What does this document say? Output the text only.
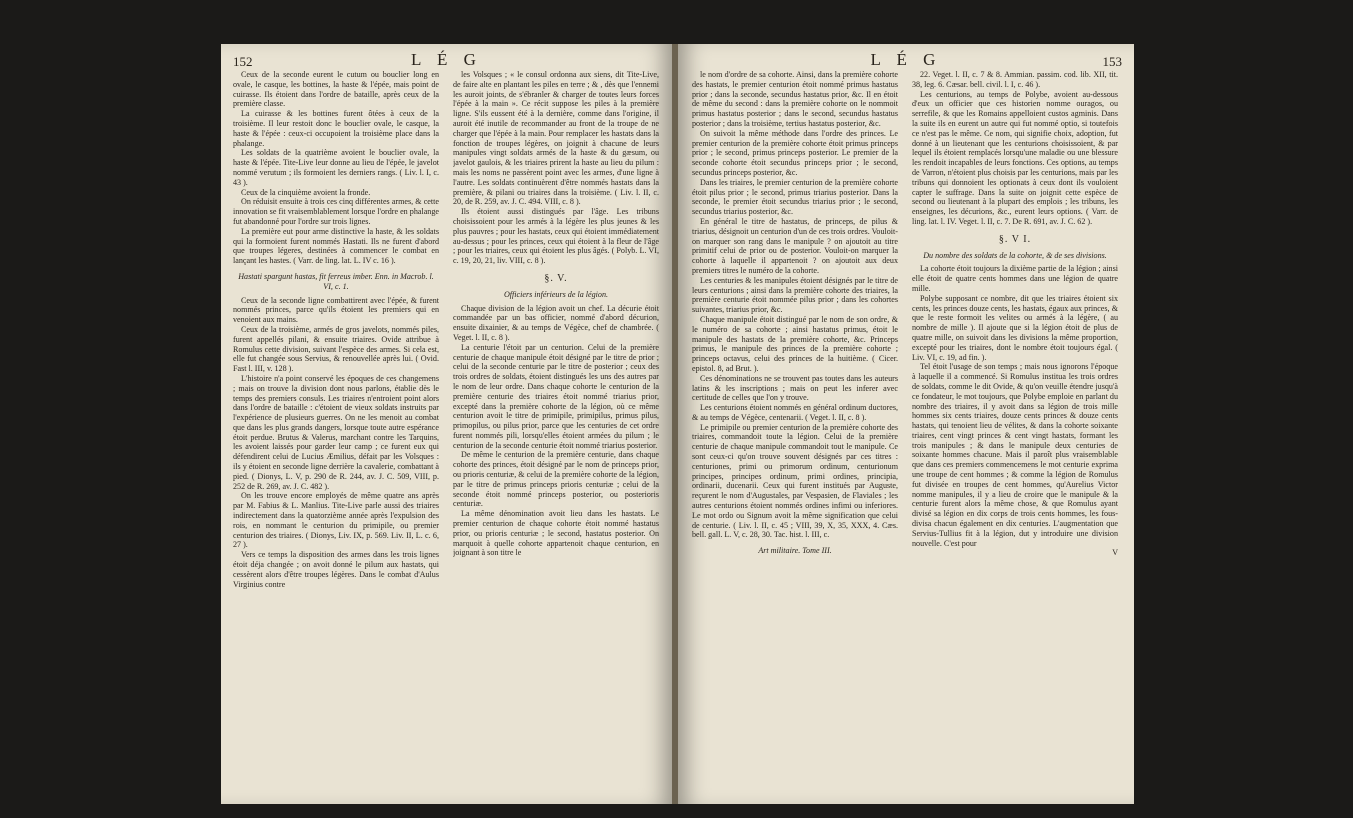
152	L É G

Ceux de la seconde eurent le cutum ou bouclier long en ovale, le casque, les bottines, la haste & l'épée, mais point de cuirasse. Ils étoient dans l'ordre de bataille, après ceux de la première classe.

La cuirasse & les bottines furent ôtées à ceux de la troisième. Il leur restoit donc le bouclier ovale, le casque, la haste & l'épée : ceux-ci occupoient la troisième place dans la phalange.

Les soldats de la quatrième avoient le bouclier ovale, la haste & l'épée. Tite-Live leur donne au lieu de l'épée, le javelot nommé verutum ; ils formoient les derniers rangs. ( Liv. l. I, c. 43 ).

Ceux de la cinquième avoient la fronde.

On réduisit ensuite à trois ces cinq différentes armes, & cette innovation se fit vraisemblablement lorsque l'ordre en phalange fut abandonné pour l'ordre sur trois lignes.

La première eut pour arme distinctive la haste, & les soldats qui la formoient furent nommés Hastati. Ils ne furent d'abord que troupes légeres, destinées à commencer le combat en lançant les hastes. ( Varr. de ling. lat. L. IV c. 16 ).

Hastati spargunt hastas, fit ferreus imber. Enn. in Macrob. l. VI, c. 1.

Ceux de la seconde ligne combattirent avec l'épée, & furent nommés princes, parce qu'ils étoient les premiers qui en venoient aux mains.

Ceux de la troisième, armés de gros javelots, nommés piles, furent appellés pilani, & ensuite triaires. Ovide attribue à Romulus cette division, suivant l'espèce des armes. Si cela est, elle fut changée sous Servius, & renouvellée après lui. ( Ovid. Fast l. III, v. 128 ).

L'histoire n'a point conservé les époques de ces changemens ; mais on trouve la division dont nous parlons, établie dès le temps des premiers consuls. Les triaires n'entroient point alors dans l'ordre de bataille : c'étoient de vieux soldats instruits par l'expérience de plusieurs guerres. On ne les menoit au combat que dans les plus grands dangers, lorsque toute autre espérance étoit perdue. Brutus & Valerus, marchant contre les Tarquins, les avoient laissés pour garder leur camp ; ce furent eux qui défendirent celui de Lucius Æmilius, défait par les Volsques : ils y étoient en seconde ligne derrière la cavalerie, combattant à pied. ( Dionys, L. V, p. 290 de R. 244, av. J. C. 509, VIII, p. 252 de R. 269, av. J. C. 482 ).

On les trouve encore employés de même quatre ans après par M. Fabius & L. Manlius. Tite-Live parle aussi des triaires indirectement dans la quatorzième année après l'expulsion des rois, en nommant le centurion du primipile, ou premier centurion des triaires. ( Dionys, Liv. IX, p. 569. Liv. II, L. c. 6, 27 ).

Vers ce temps la disposition des armes dans les trois lignes étoit déja changée ; on avoit donné le pilum aux hastats, qui cessèrent alors d'être troupes légères. Dans le combat d'Aulus Virginius contre

les Volsques ; « le consul ordonna aux siens, dit Tite-Live, de faire alte en plantant les piles en terre ; & , dès que l'ennemi les auroit joints, de s'ébranler & charger de toutes leurs forces l'épée à la main ». Ce récit suppose les piles à la première ligne. S'ils eussent été à la dernière, comme dans l'origine, il auroit été inutile de recommander au front de la troupe de ne charger que l'épée à la main. Pour remplacer les hastats dans la fonction de troupes légères, on joignit à chacune de leurs manipules vingt soldats armés de la haste & du gæsum, ou javelot gaulois, & les triaires prirent la haste au lieu du pilum : mais les noms ne passèrent point avec les armes, d'une ligne à l'autre. Les soldats continuèrent d'être nommés hastats dans la première, & pilani ou triaires dans la troisième. ( Liv. l. II, c. 20, de R. 259, av. J. C. 494. VIII, c. 8 ).

Ils étoient aussi distingués par l'âge. Les tribuns choisissoient pour les armés à la légère les plus jeunes & les plus pauvres ; pour les hastats, ceux qui étoient immédiatement au-dessus ; pour les princes, ceux qui étoient à la fleur de l'âge ; pour les triaires, ceux qui étoient les plus âgés. ( Polyb. L. VI, c. 19, 20, 21, liv. VIII, c. 8 ).

§. V.

Officiers inférieurs de la légion.

Chaque division de la légion avoit un chef. La décurie étoit commandée par un bas officier, nommé d'abord décurion, ensuite dixainier, & au temps de Végèce, chef de chambrée. ( Veget. l. II, c. 8 ).

La centurie l'étoit par un centurion. Celui de la première centurie de chaque manipule étoit désigné par le titre de prior ; celui de la seconde centurie par le titre de posterior ; ceux des trois ordres de soldats, étoient distingués les uns des autres par le nom de leur ordre. Dans chaque cohorte le centurion de la première centurie des triaires étoit nommé triarius prior, excepté dans la première cohorte de la légion, où ce même centurion avoit le titre de primipile, primipilus, primus pilus, primopilus, ou pilus prior, parce que les centuries de cet ordre furent nommés pili, lorsqu'elles étoient armées du pilum ; le centurion de la seconde centurie étoit nommé triarius posterior.

De même le centurion de la première centurie, dans chaque cohorte des princes, étoit désigné par le nom de princeps prior, ou prioris centuriæ, & celui de la première cohorte de la légion, par le titre de primus princeps prioris centuriæ ; celui de la seconde étoit nommé princeps posterior, ou posterioris centuriæ.

La même dénomination avoit lieu dans les hastats. Le premier centurion de chaque cohorte étoit nommé hastatus prior, ou prioris centuriæ ; le second, hastatus posterior. On marquoit à quelle cohorte appartenoit chaque centurion, en joignant à son titre le

L É G	153

le nom d'ordre de sa cohorte. Ainsi, dans la première cohorte des hastats, le premier centurion étoit nommé primus hastatus prior ; dans la seconde, secundus hastatus prior, &c. Il en étoit de même du second : dans la première cohorte on le nommoit primus hastatus posterior ; dans le second, secundus hastatus posterior ; dans la troisième, tertius hastatus posterior, &c.

On suivoit la même méthode dans l'ordre des princes. Le premier centurion de la première cohorte étoit primus princeps prior ; le second, primus princeps posterior. Le premier de la seconde cohorte étoit secundus princeps prior ; le second, secundus princeps posterior, &c.

Dans les triaires, le premier centurion de la première cohorte étoit pilus prior ; le second, primus triarius posterior. Dans la seconde, le premier étoit secundus triarius prior ; le second, secundus triarius posterior, &c.

En général le titre de hastatus, de princeps, de pilus & triarius, désignoit un centurion d'un de ces trois ordres. Vouloit-on marquer son rang dans le manipule ? on ajoutoit au titre primitif celui de prior ou de posterior. Vouloit-on marquer la cohorte à laquelle il appartenoit ? on ajoutoit aux deux premiers titres le numéro de la cohorte.

Les centuries & les manipules étoient désignés par le titre de leurs centurions ; ainsi dans la première cohorte des triaires, la première centurie étoit nommée pilus prior ; dans les cohortes suivantes, triarius prior, &c.

Chaque manipule étoit distingué par le nom de son ordre, & le numéro de sa cohorte ; ainsi hastatus primus, étoit le manipule des hastats de la première cohorte, &c. Princeps primus, le manipule des princes de la première cohorte ; princeps octavus, celui des princes de la huitième. ( Cicer. epistol. 8, ad Brut. ).

Ces dénominations ne se trouvent pas toutes dans les auteurs latins & les inscriptions ; mais on peut les inferer avec certitude de celles que l'on y trouve.

Les centurions étoient nommés en général ordinum ductores, & au temps de Végèce, centenarii. ( Veget. l. II, c. 8 ).

Le primipile ou premier centurion de la première cohorte des triaires, commandoit toute la légion. Celui de la première centurie de chaque manipule commandoit tout le manipule. Ce sont ceux-ci qu'on trouve souvent désignés par ces titres : centuriones, primi ou primorum ordinum, centurionum principes, principes ordinum, primi ordines, principia, ordinarii, ducenarii. Ceux qui furent institués par Auguste, reçurent le nom d'Augustales, par Vespasien, de Flaviales ; les autres centurions étoient nommés ordines infimi ou inferiores. Le mot ordo ou Signum avoit la même signification que celui de centurie. ( Liv. l. II, c. 45 ; VIII, 39, X, 35, XXX, 4. Cæs. bell. gall. L. V, c. 28, 30. Tac. hist. l. III, c.

Art militaire. Tome III.

22. Veget. l. II, c. 7 & 8. Ammian. passim. cod. lib. XII, tit. 38, leg. 6. Cæsar. bell. civil. l. I, c. 46 ).

Les centurions, au temps de Polybe, avoient au-dessous d'eux un officier que ces historien nomme ouragos, ou serrefile, & que les Romains appelloient custos agminis. Dans la suite ils en eurent un autre qui fut nommé optio, si toutefois ce n'est pas le même. Ce nom, qui signifie choix, adoption, fut donné à un lieutenant que les centurions choisissoient, & par lequel ils étoient remplacés lorsqu'une maladie ou une blessure les rendoit incapables de leurs fonctions. Ces options, au temps de Varron, n'étoient plus choisis par les centurions, mais par les tribuns qui donnoient les optionats à ceux dont ils vouloient capter le suffrage. Dans la suite on joignit cette espèce de second ou lieutenant à la plupart des emplois ; les tribuns, les enseignes, les décurions, &c., eurent leurs options. ( Varr. de ling. lat. l. IV. Veget. l. II, c. 7. De R. 691, av. J. C. 62 ).

§. V I.

Du nombre des soldats de la cohorte, & de ses divisions.

La cohorte étoit toujours la dixième partie de la légion ; ainsi elle étoit de quatre cents hommes dans une légion de quatre mille.

Polybe supposant ce nombre, dit que les triaires étoient six cents, les princes douze cents, les hastats, égaux aux princes, & que le reste formoit les velites ou armés à la légère, ( au nombre de mille ). Il ajoute que si la légion étoit de plus de quatre mille, on suivoit dans les divisions la même proportion, excepté pour les triaires, dont le nombre étoit toujours égal. ( Liv. VI, c. 19, ad fin. ).

Tel étoit l'usage de son temps ; mais nous ignorons l'époque à laquelle il a commencé. Si Romulus institua les trois ordres de soldats, comme le dit Ovide, & qu'on veuille étendre jusqu'à ce fondateur, le mot toujours, que Polybe emploie en parlant du nombre des triaires, il y avoit dans sa légion de trois mille hommes six cents triaires, douze cents princes & douze cents hastats, qui tenoient lieu de vélites, & dans la cohorte soixante triaires, cent vingt princes & cent vingt hastats, formant les trois manipules ; & dans le manipule deux centuries de soixante hommes chacune. Mais il paroît plus vraisemblable que dans ces premiers commencemens le mot centurie exprima une troupe de cent hommes ; & comme la légion de Romulus fut divisée en troupes de cent hommes, qu'Aurelius Victor nomme manipules, il y a lieu de croire que le manipule & la centurie furent alors la même chose, & que Romulus ayant divisé sa légion en dix corps de trois cents hommes, les fous-divisa chacun également en dix centuries. L'augmentation que Servius-Tullius fit à la légion, dut y introduire une division nouvelle. C'est pour

V
